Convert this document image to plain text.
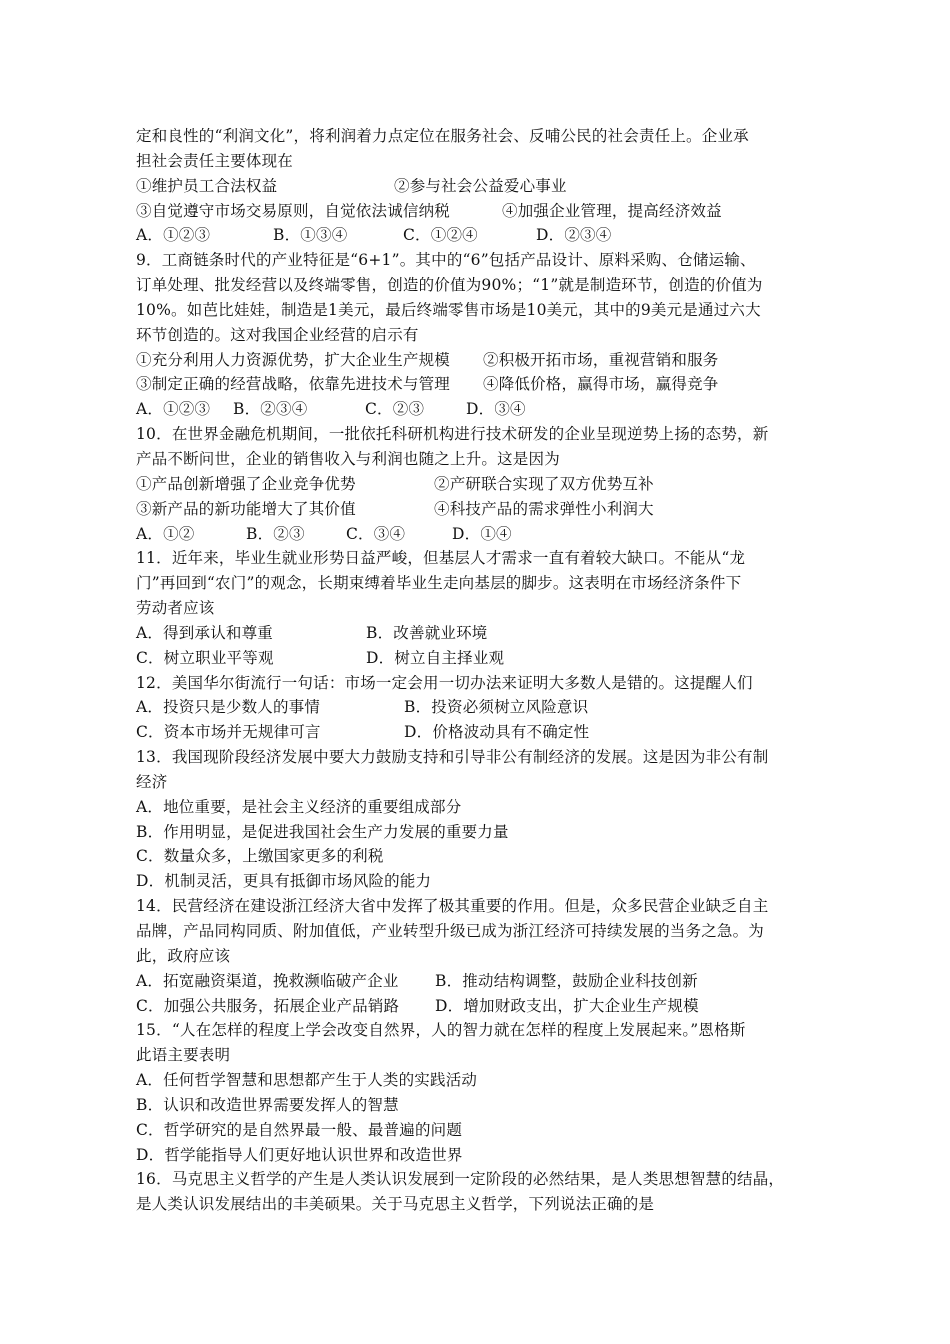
定和良性的“利润文化”，将利润着力点定位在服务社会、反哺公民的社会责任上。企业承
担社会责任主要体现在
①维护员工合法权益	②参与社会公益爱心事业
③自觉遵守市场交易原则，自觉依法诚信纳税	④加强企业管理，提高经济效益
A．①②③	B．①③④	C．①②④	D．②③④
9．工商链条时代的产业特征是“6+1”。其中的“6”包括产品设计、原料采购、仓储运输、
订单处理、批发经营以及终端零售，创造的价值为90%；“1”就是制造环节，创造的价值为
10%。如芭比娃娃，制造是1美元，最后终端零售市场是10美元，其中的9美元是通过六大
环节创造的。这对我国企业经营的启示有
①充分利用人力资源优势，扩大企业生产规模 ②积极开拓市场，重视营销和服务
③制定正确的经营战略，依靠先进技术与管理 ④降低价格，赢得市场，赢得竞争
A．①②③ B．②③④	C．②③	D．③④
10．在世界金融危机期间，一批依托科研机构进行技术研发的企业呈现逆势上扬的态势，新
产品不断问世，企业的销售收入与利润也随之上升。这是因为
①产品创新增强了企业竞争优势	②产研联合实现了双方优势互补
③新产品的新功能增大了其价值	④科技产品的需求弹性小利润大
A．①②	B．②③	C．③④	D．①④
11．近年来，毕业生就业形势日益严峻，但基层人才需求一直有着较大缺口。不能从“龙
门”再回到“农门”的观念，长期束缚着毕业生走向基层的脚步。这表明在市场经济条件下
劳动者应该
A．得到承认和尊重	B．改善就业环境
C．树立职业平等观	D．树立自主择业观
12．美国华尔街流行一句话：市场一定会用一切办法来证明大多数人是错的。这提醒人们
A．投资只是少数人的事情	B．投资必须树立风险意识
C．资本市场并无规律可言	D．价格波动具有不确定性
13．我国现阶段经济发展中要大力鼓励支持和引导非公有制经济的发展。这是因为非公有制
经济
A．地位重要，是社会主义经济的重要组成部分
B．作用明显，是促进我国社会生产力发展的重要力量
C．数量众多，上缴国家更多的利税
D．机制灵活，更具有抵御市场风险的能力
14．民营经济在建设浙江经济大省中发挥了极其重要的作用。但是，众多民营企业缺乏自主
品牌，产品同构同质、附加值低，产业转型升级已成为浙江经济可持续发展的当务之急。为
此，政府应该
A．拓宽融资渠道，挽救濒临破产企业 B．推动结构调整，鼓励企业科技创新
C．加强公共服务，拓展企业产品销路 D．增加财政支出，扩大企业生产规模
15．“人在怎样的程度上学会改变自然界，人的智力就在怎样的程度上发展起来。”恩格斯
此语主要表明
A．任何哲学智慧和思想都产生于人类的实践活动
B．认识和改造世界需要发挥人的智慧
C．哲学研究的是自然界最一般、最普遍的问题
D．哲学能指导人们更好地认识世界和改造世界
16．马克思主义哲学的产生是人类认识发展到一定阶段的必然结果，是人类思想智慧的结晶，
是人类认识发展结出的丰美硕果。关于马克思主义哲学，下列说法正确的是
